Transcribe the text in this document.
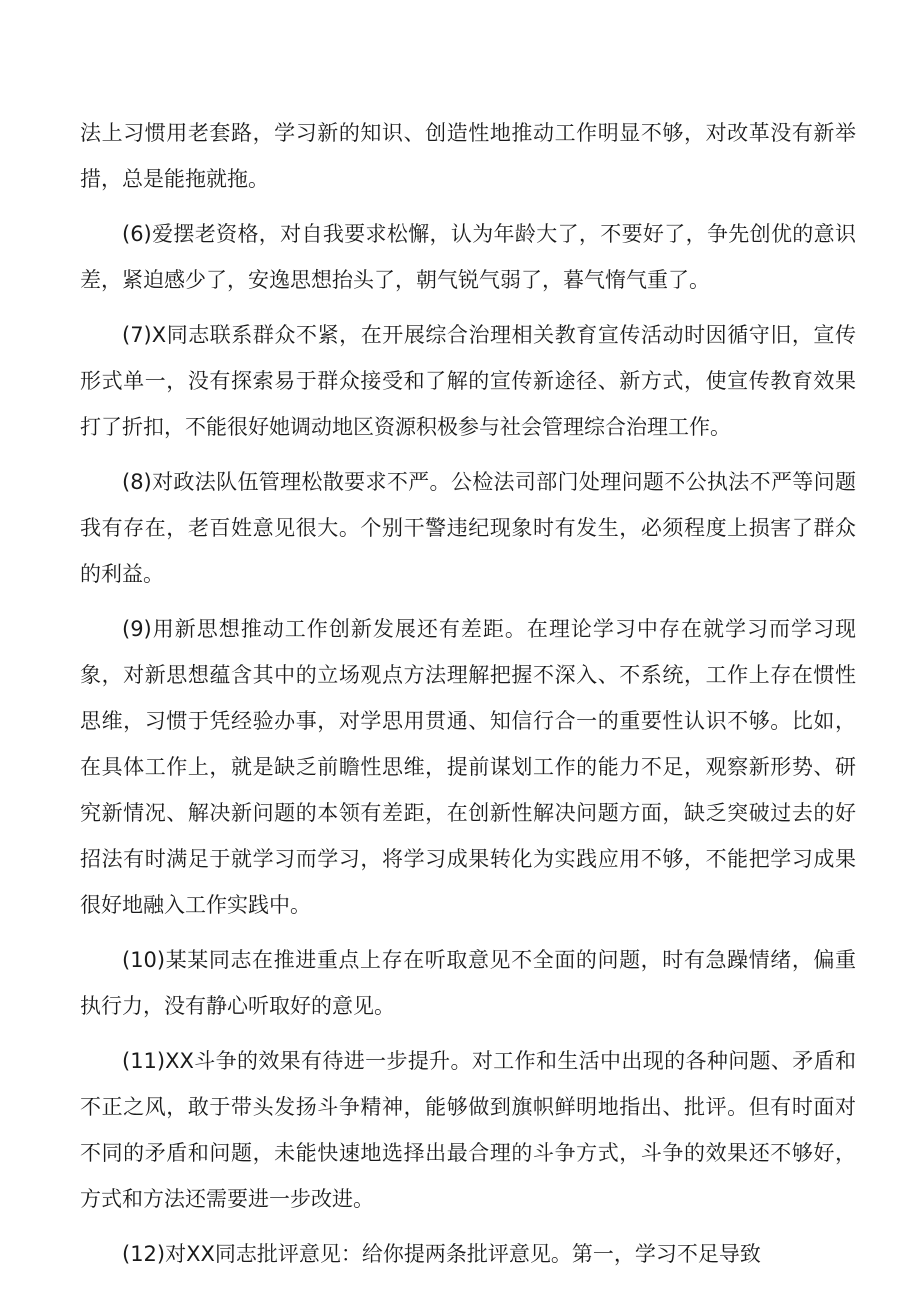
法上习惯用老套路，学习新的知识、创造性地推动工作明显不够，对改革没有新举措，总是能拖就拖。

(6)爱摆老资格，对自我要求松懈，认为年龄大了，不要好了，争先创优的意识差，紧迫感少了，安逸思想抬头了，朝气锐气弱了，暮气惰气重了。

(7)X同志联系群众不紧，在开展综合治理相关教育宣传活动时因循守旧，宣传形式单一，没有探索易于群众接受和了解的宣传新途径、新方式，使宣传教育效果打了折扣，不能很好她调动地区资源积极参与社会管理综合治理工作。

(8)对政法队伍管理松散要求不严。公检法司部门处理问题不公执法不严等问题我有存在，老百姓意见很大。个别干警违纪现象时有发生，必须程度上损害了群众的利益。

(9)用新思想推动工作创新发展还有差距。在理论学习中存在就学习而学习现象，对新思想蕴含其中的立场观点方法理解把握不深入、不系统，工作上存在惯性思维，习惯于凭经验办事，对学思用贯通、知信行合一的重要性认识不够。比如，在具体工作上，就是缺乏前瞻性思维，提前谋划工作的能力不足，观察新形势、研究新情况、解决新问题的本领有差距，在创新性解决问题方面，缺乏突破过去的好招法有时满足于就学习而学习，将学习成果转化为实践应用不够，不能把学习成果很好地融入工作实践中。

(10)某某同志在推进重点上存在听取意见不全面的问题，时有急躁情绪，偏重执行力，没有静心听取好的意见。

(11)XX斗争的效果有待进一步提升。对工作和生活中出现的各种问题、矛盾和不正之风，敢于带头发扬斗争精神，能够做到旗帜鲜明地指出、批评。但有时面对不同的矛盾和问题，未能快速地选择出最合理的斗争方式，斗争的效果还不够好，方式和方法还需要进一步改进。

(12)对XX同志批评意见：给你提两条批评意见。第一，学习不足导致
